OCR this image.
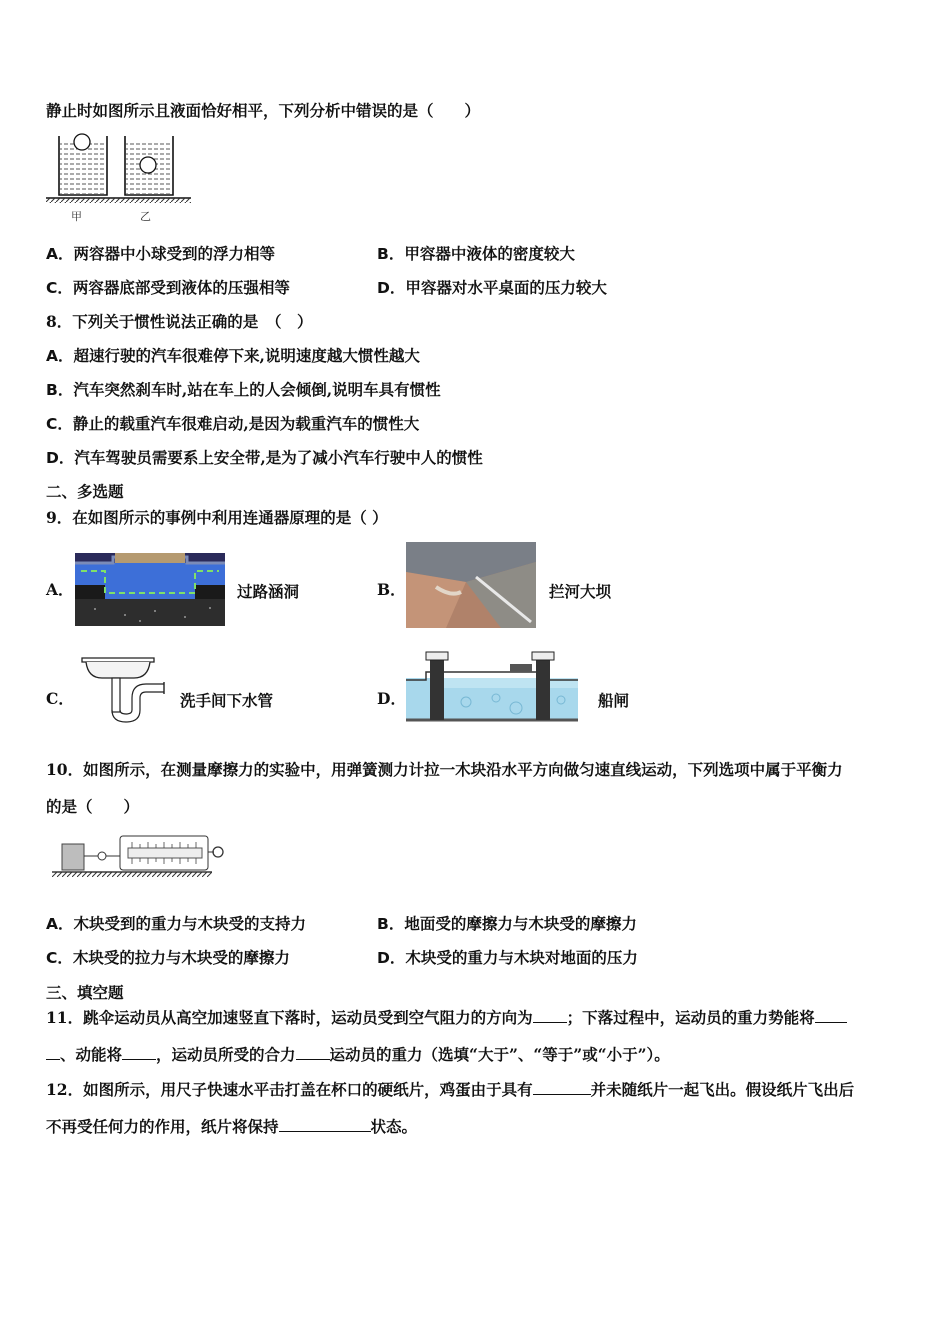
静止时如图所示且液面恰好相平，下列分析中错误的是（　　）
甲	乙
A．两容器中小球受到的浮力相等	B．甲容器中液体的密度较大
C．两容器底部受到液体的压强相等	D．甲容器对水平桌面的压力较大
8．下列关于惯性说法正确的是　（　）
A．超速行驶的汽车很难停下来,说明速度越大惯性越大
B．汽车突然刹车时,站在车上的人会倾倒,说明车具有惯性
C．静止的载重汽车很难启动,是因为载重汽车的惯性大
D．汽车驾驶员需要系上安全带,是为了减小汽车行驶中人的惯性
二、多选题
9．在如图所示的事例中利用连通器原理的是（ ）
A．	过路涵洞	B．	拦河大坝
C．	洗手间下水管	D．	船闸
10．如图所示，在测量摩擦力的实验中，用弹簧测力计拉一木块沿水平方向做匀速直线运动，下列选项中属于平衡力
的是（　　）
A．木块受到的重力与木块受的支持力	B．地面受的摩擦力与木块受的摩擦力
C．木块受的拉力与木块受的摩擦力	D．木块受的重力与木块对地面的压力
三、填空题
11．跳伞运动员从高空加速竖直下落时，运动员受到空气阻力的方向为 ；下落过程中，运动员的重力势能将
、动能将 ，运动员所受的合力 运动员的重力（选填“大于”、“等于”或“小于”）。
12．如图所示，用尺子快速水平击打盖在杯口的硬纸片，鸡蛋由于具有	并未随纸片一起飞出。假设纸片飞出后
不再受任何力的作用，纸片将保持	状态。
